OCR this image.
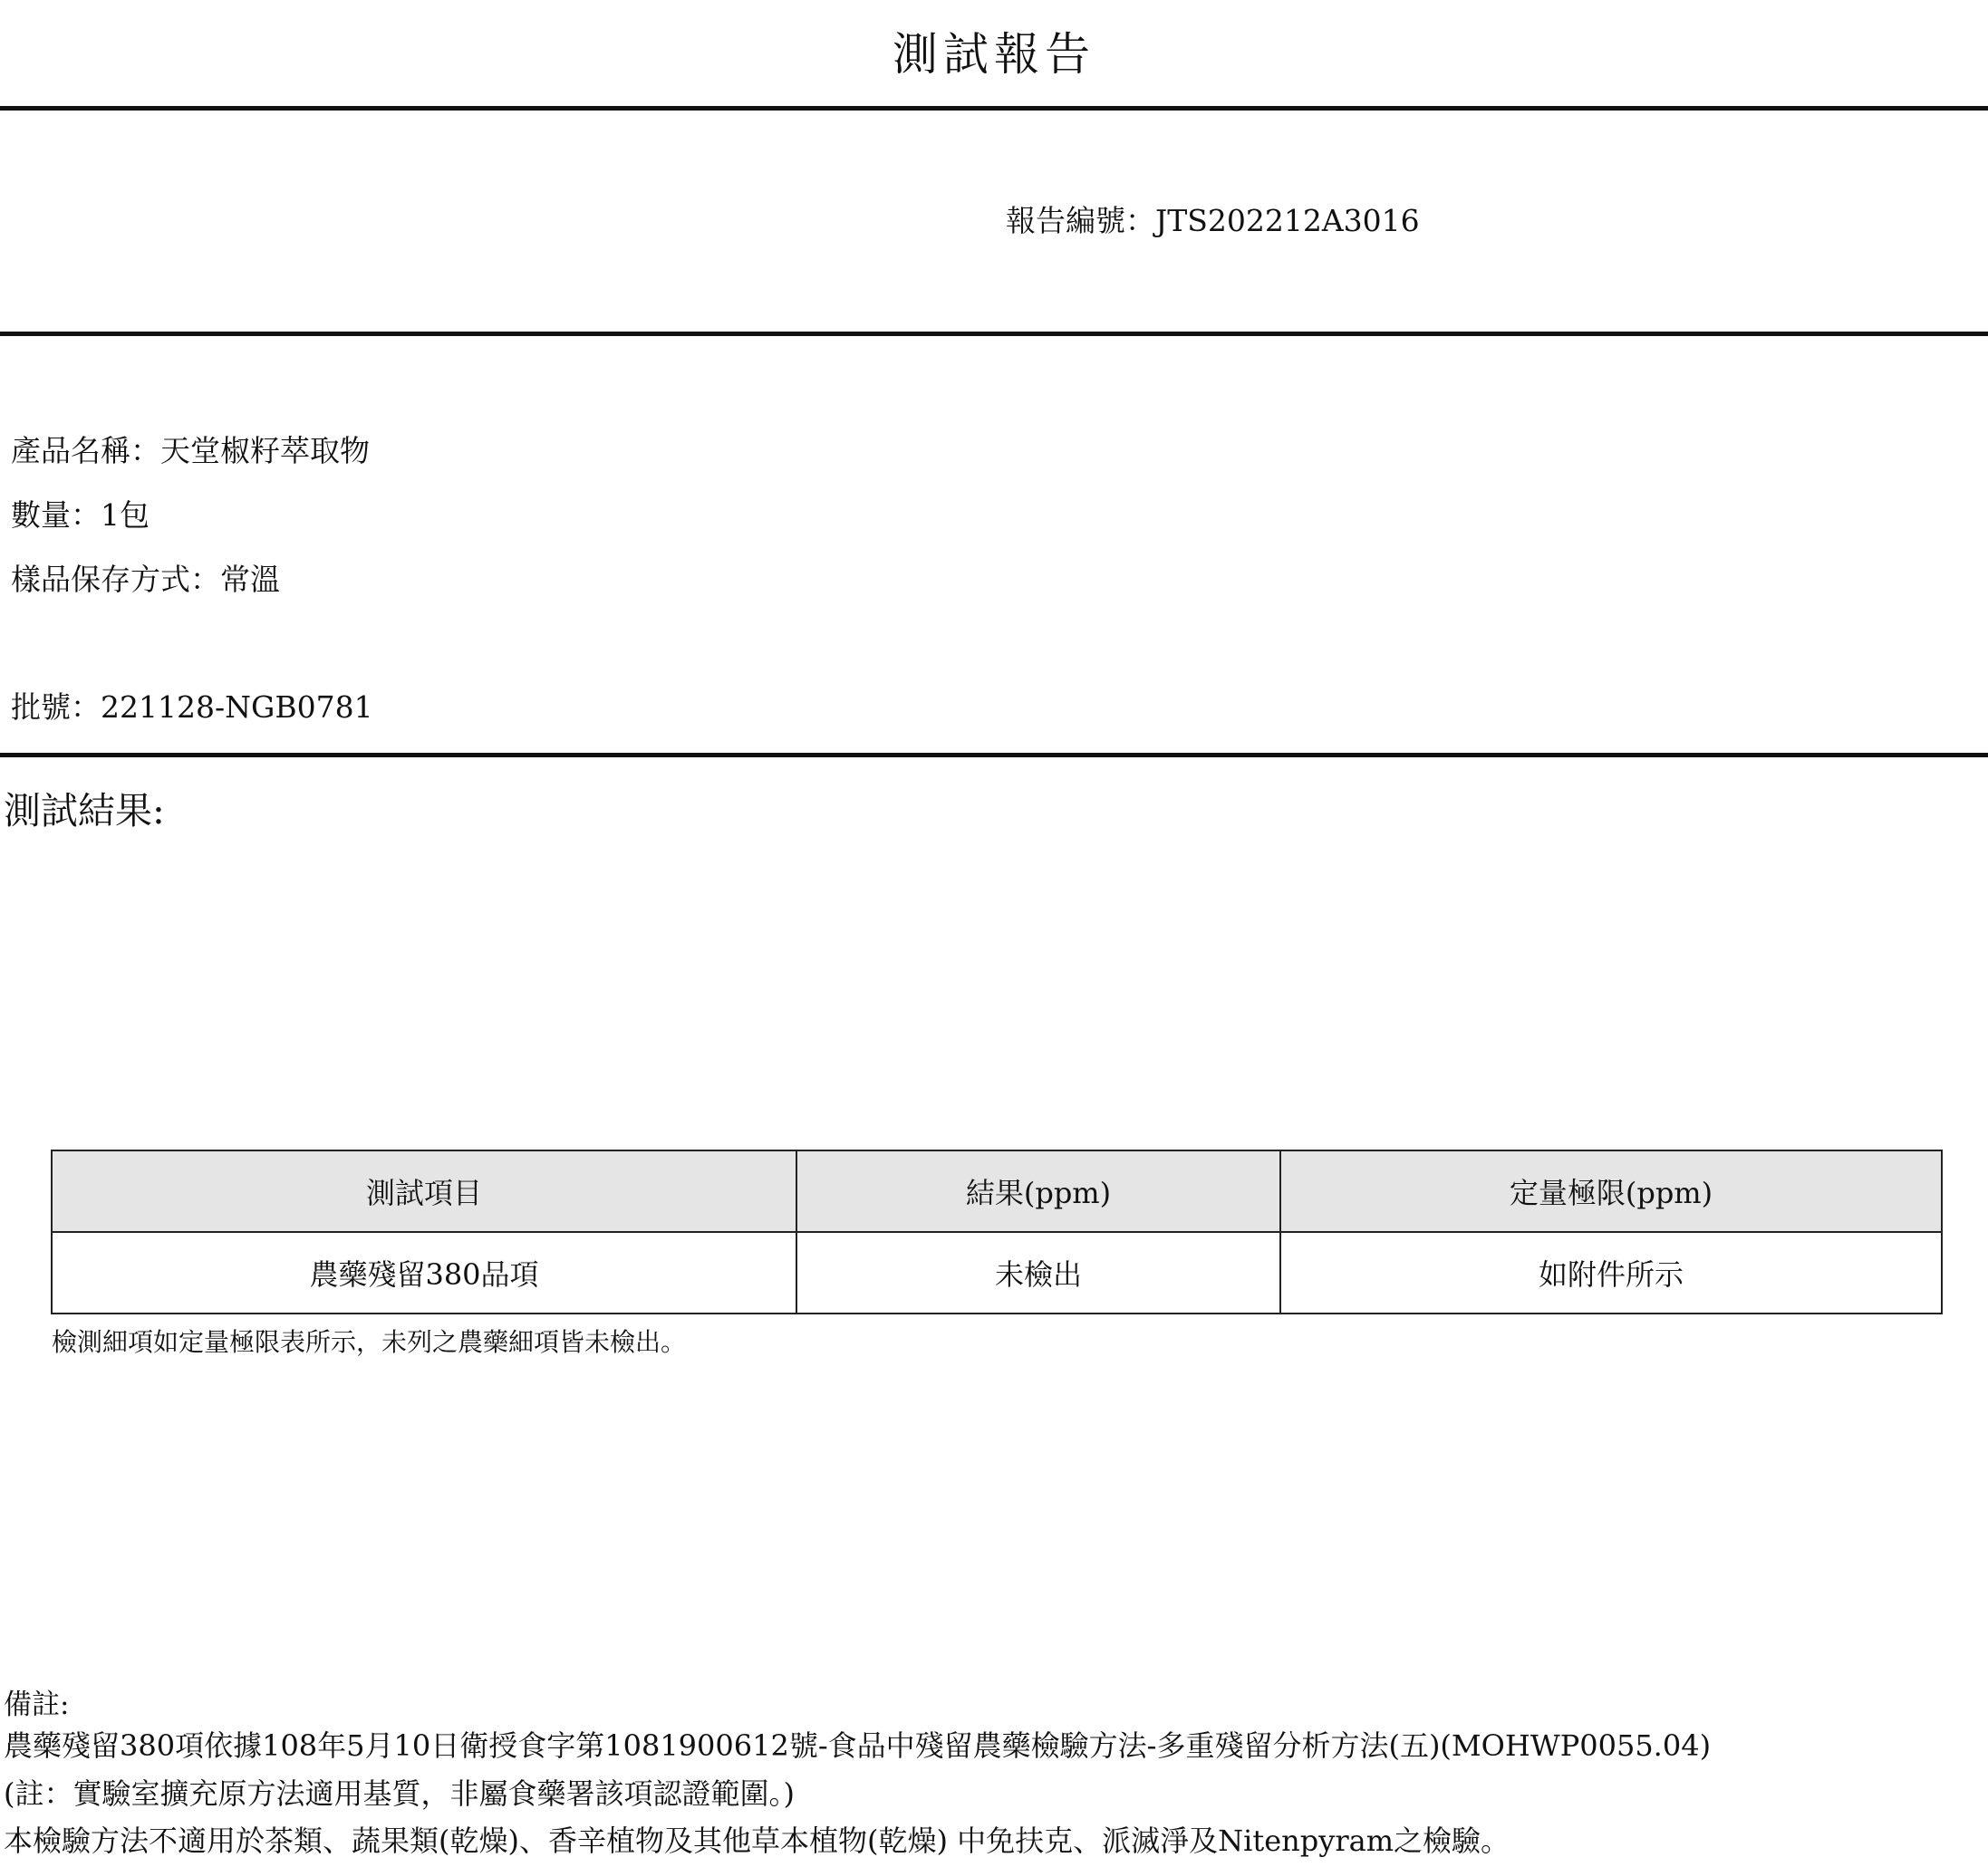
測試報告
報告編號：JTS202212A3016
產品名稱：天堂椒籽萃取物
數量：1包
樣品保存方式：常溫
批號：221128-NGB0781
測試結果:
測試項目	結果(ppm)	定量極限(ppm)
農藥殘留380品項	未檢出	如附件所示
檢測細項如定量極限表所示，未列之農藥細項皆未檢出。
備註:
農藥殘留380項依據108年5月10日衛授食字第1081900612號-食品中殘留農藥檢驗方法-多重殘留分析方法(五)(MOHWP0055.04)
(註：實驗室擴充原方法適用基質，非屬食藥署該項認證範圍。)
本檢驗方法不適用於茶類、蔬果類(乾燥)、香辛植物及其他草本植物(乾燥) 中免扶克、派滅淨及Nitenpyram之檢驗。
